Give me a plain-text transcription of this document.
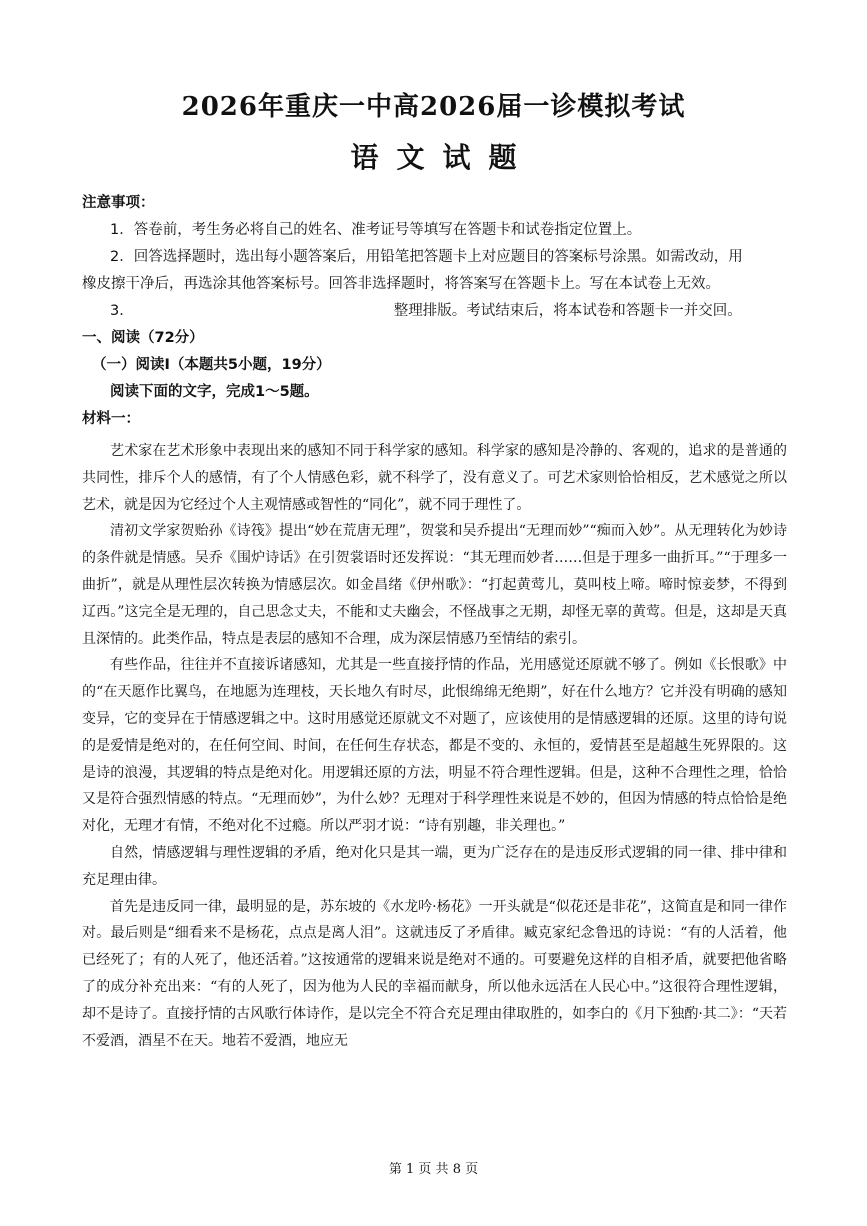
2026年重庆一中高2026届一诊模拟考试
语文试题
注意事项：
1．答卷前，考生务必将自己的姓名、准考证号等填写在答题卡和试卷指定位置上。
2．回答选择题时，选出每小题答案后，用铅笔把答题卡上对应题目的答案标号涂黑。如需改动，用
橡皮擦干净后，再选涂其他答案标号。回答非选择题时，将答案写在答题卡上。写在本试卷上无效。
3．	整理排版。考试结束后，将本试卷和答题卡一并交回。
一、阅读（72分）
（一）阅读Ⅰ（本题共5小题，19分）
阅读下面的文字，完成1～5题。
材料一：

艺术家在艺术形象中表现出来的感知不同于科学家的感知。科学家的感知是冷静的、客观的，追求的是普通的共同性，排斥个人的感情，有了个人情感色彩，就不科学了，没有意义了。可艺术家则恰恰相反，艺术感觉之所以艺术，就是因为它经过个人主观情感或智性的“同化”，就不同于理性了。

清初文学家贺贻孙《诗筏》提出“妙在荒唐无理”，贺裳和吴乔提出“无理而妙”“痴而入妙”。从无理转化为妙诗的条件就是情感。吴乔《围炉诗话》在引贺裳语时还发挥说：“其无理而妙者……但是于理多一曲折耳。”“于理多一曲折”，就是从理性层次转换为情感层次。如金昌绪《伊州歌》：“打起黄莺儿，莫叫枝上啼。啼时惊妾梦，不得到辽西。”这完全是无理的，自己思念丈夫，不能和丈夫幽会，不怪战事之无期，却怪无辜的黄莺。但是，这却是天真且深情的。此类作品，特点是表层的感知不合理，成为深层情感乃至情结的索引。

有些作品，往往并不直接诉诸感知，尤其是一些直接抒情的作品，光用感觉还原就不够了。例如《长恨歌》中的“在天愿作比翼鸟，在地愿为连理枝，天长地久有时尽，此恨绵绵无绝期”，好在什么地方？它并没有明确的感知变异，它的变异在于情感逻辑之中。这时用感觉还原就文不对题了，应该使用的是情感逻辑的还原。这里的诗句说的是爱情是绝对的，在任何空间、时间，在任何生存状态，都是不变的、永恒的，爱情甚至是超越生死界限的。这是诗的浪漫，其逻辑的特点是绝对化。用逻辑还原的方法，明显不符合理性逻辑。但是，这种不合理性之理，恰恰又是符合强烈情感的特点。“无理而妙”，为什么妙？无理对于科学理性来说是不妙的，但因为情感的特点恰恰是绝对化，无理才有情，不绝对化不过瘾。所以严羽才说：“诗有别趣，非关理也。”

自然，情感逻辑与理性逻辑的矛盾，绝对化只是其一端，更为广泛存在的是违反形式逻辑的同一律、排中律和充足理由律。

首先是违反同一律，最明显的是，苏东坡的《水龙吟·杨花》一开头就是“似花还是非花”，这简直是和同一律作对。最后则是“细看来不是杨花，点点是离人泪”。这就违反了矛盾律。臧克家纪念鲁迅的诗说：“有的人活着，他已经死了；有的人死了，他还活着。”这按通常的逻辑来说是绝对不通的。可要避免这样的自相矛盾，就要把他省略了的成分补充出来：“有的人死了，因为他为人民的幸福而献身，所以他永远活在人民心中。”这很符合理性逻辑，却不是诗了。直接抒情的古风歌行体诗作，是以完全不符合充足理由律取胜的，如李白的《月下独酌·其二》：“天若不爱酒，酒星不在天。地若不爱酒，地应无

第 1 页 共 8 页
